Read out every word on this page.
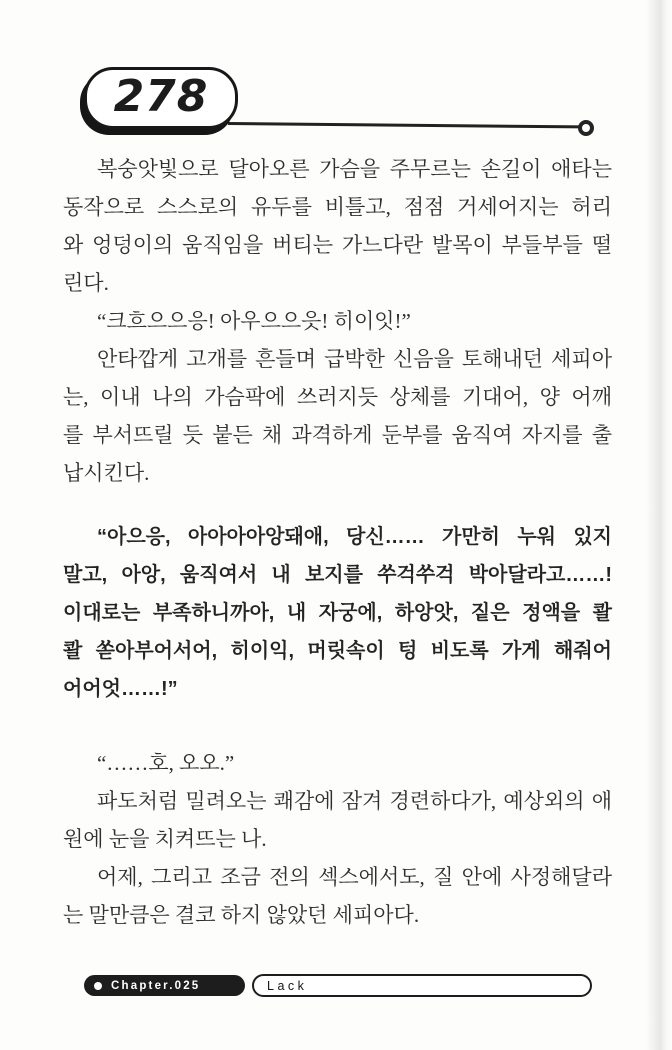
278
복숭앗빛으로 달아오른 가슴을 주무르는 손길이 애타는
동작으로 스스로의 유두를 비틀고, 점점 거세어지는 허리
와 엉덩이의 움직임을 버티는 가느다란 발목이 부들부들 떨
린다.
“크흐으으응! 아우으으읏! 히이잇!”
안타깝게 고개를 흔들며 급박한 신음을 토해내던 세피아
는, 이내 나의 가슴팍에 쓰러지듯 상체를 기대어, 양 어깨
를 부서뜨릴 듯 붙든 채 과격하게 둔부를 움직여 자지를 출
납시킨다.
“아으응, 아아아아앙돼애, 당신…… 가만히 누워 있지
말고, 아앙, 움직여서 내 보지를 쑤걱쑤걱 박아달라고……!
이대로는 부족하니까아, 내 자궁에, 하앙앗, 짙은 정액을 콸
콸 쏟아부어서어, 히이익, 머릿속이 텅 비도록 가게 해줘어
어어엇……!”
“……호, 오오.”
파도처럼 밀려오는 쾌감에 잠겨 경련하다가, 예상외의 애
원에 눈을 치켜뜨는 나.
어제, 그리고 조금 전의 섹스에서도, 질 안에 사정해달라
는 말만큼은 결코 하지 않았던 세피아다.
Chapter.025	Lack
